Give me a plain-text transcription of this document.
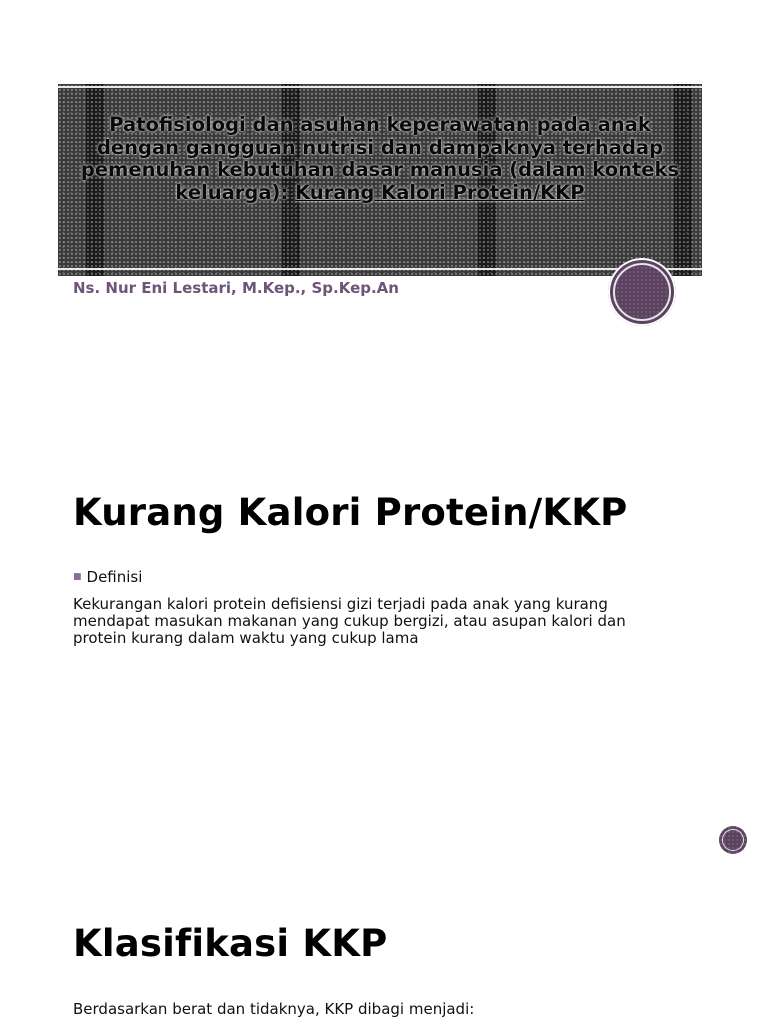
Patofisiologi dan asuhan keperawatan pada anak dengan gangguan nutrisi dan dampaknya terhadap pemenuhan kebutuhan dasar manusia (dalam konteks keluarga): Kurang Kalori Protein/KKP
Ns. Nur Eni Lestari, M.Kep., Sp.Kep.An
Kurang Kalori Protein/KKP
■ Definisi
Kekurangan kalori protein defisiensi gizi terjadi pada anak yang kurang mendapat masukan makanan yang cukup bergizi, atau asupan kalori dan protein kurang dalam waktu yang cukup lama
Klasifikasi KKP
Berdasarkan berat dan tidaknya, KKP dibagi menjadi:
